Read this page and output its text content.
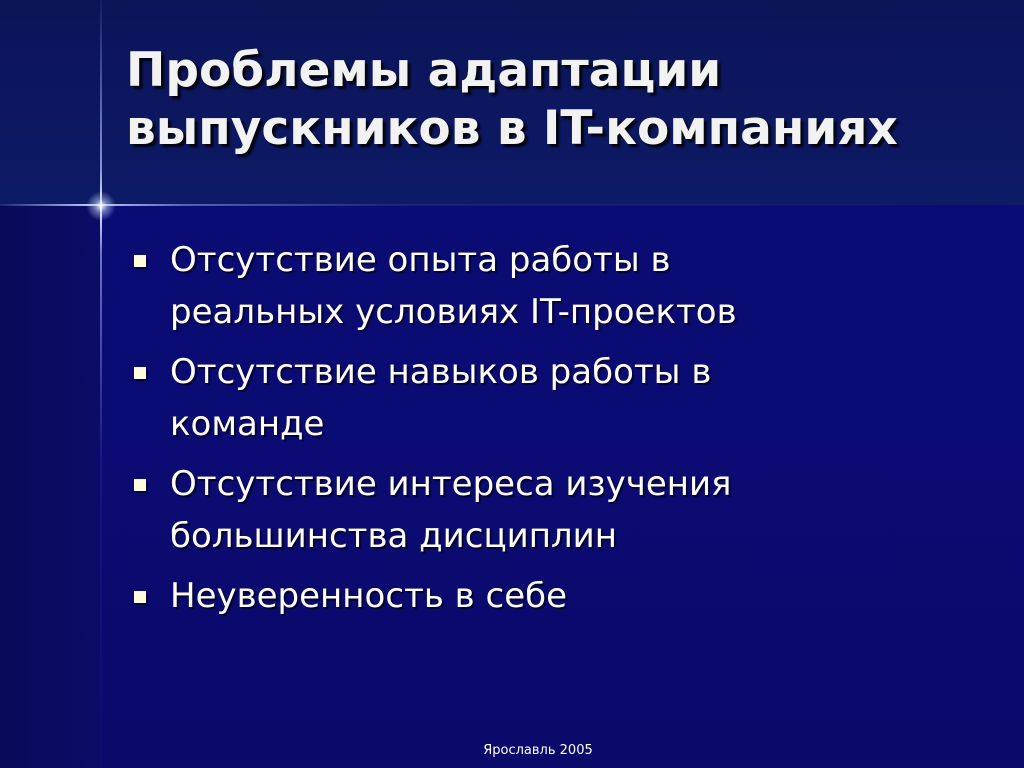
Проблемы адаптации
выпускников в IT-компаниях
Отсутствие опыта работы в
реальных условиях IT-проектов
Отсутствие навыков работы в
команде
Отсутствие интереса изучения
большинства дисциплин
Неуверенность в себе
Ярославль 2005
